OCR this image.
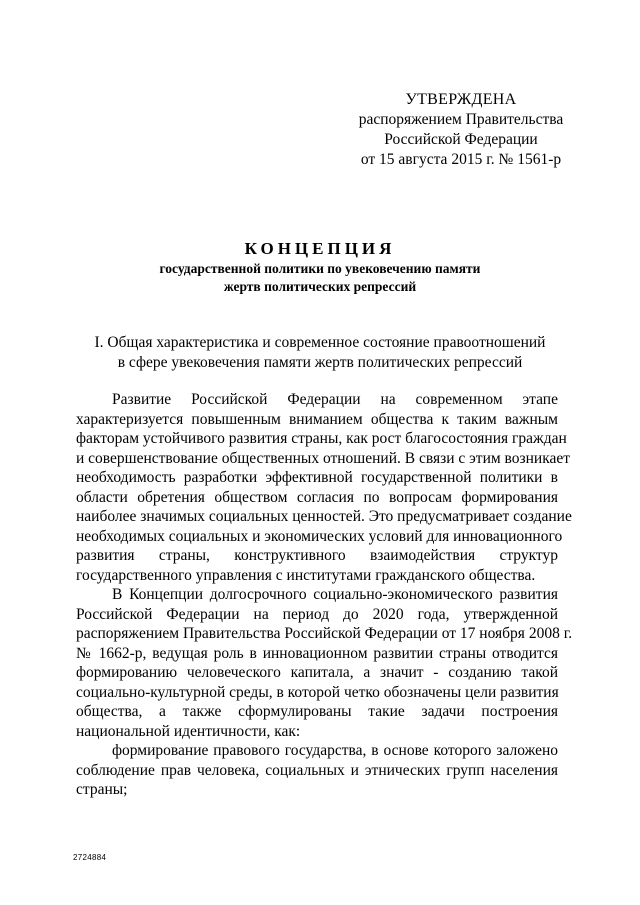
УТВЕРЖДЕНА
распоряжением Правительства
Российской Федерации
от 15 августа 2015 г. № 1561-р
КОНЦЕПЦИЯ
государственной политики по увековечению памяти
жертв политических репрессий
I. Общая характеристика и современное состояние правоотношений
в сфере увековечения памяти жертв политических репрессий
Развитие Российской Федерации на современном этапе
характеризуется повышенным вниманием общества к таким важным
факторам устойчивого развития страны, как рост благосостояния граждан
и совершенствование общественных отношений. В связи с этим возникает
необходимость разработки эффективной государственной политики в
области обретения обществом согласия по вопросам формирования
наиболее значимых социальных ценностей. Это предусматривает создание
необходимых социальных и экономических условий для инновационного
развития страны, конструктивного взаимодействия структур
государственного управления с институтами гражданского общества.
В Концепции долгосрочного социально-экономического развития
Российской Федерации на период до 2020 года, утвержденной
распоряжением Правительства Российской Федерации от 17 ноября 2008 г.
№ 1662-р, ведущая роль в инновационном развитии страны отводится
формированию человеческого капитала, а значит - созданию такой
социально-культурной среды, в которой четко обозначены цели развития
общества, а также сформулированы такие задачи построения
национальной идентичности, как:
формирование правового государства, в основе которого заложено
соблюдение прав человека, социальных и этнических групп населения
страны;
2724884
